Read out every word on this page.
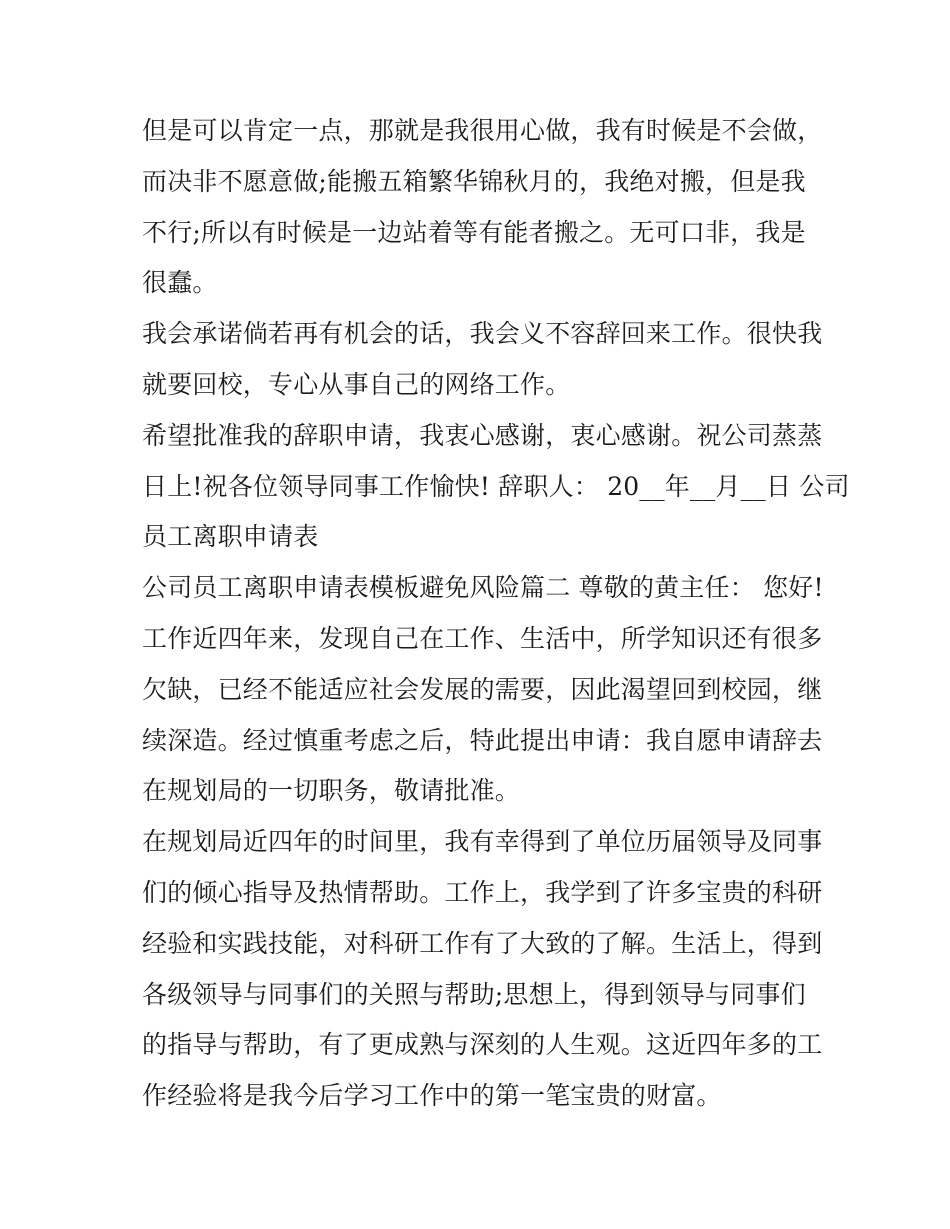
但是可以肯定一点，那就是我很用心做，我有时候是不会做，
而决非不愿意做;能搬五箱繁华锦秋月的，我绝对搬，但是我
不行;所以有时候是一边站着等有能者搬之。无可口非，我是
很蠢。
我会承诺倘若再有机会的话，我会义不容辞回来工作。很快我
就要回校，专心从事自己的网络工作。
希望批准我的辞职申请，我衷心感谢，衷心感谢。祝公司蒸蒸
日上!祝各位领导同事工作愉快! 辞职人： 20__年__月__日 公司
员工离职申请表
公司员工离职申请表模板避免风险篇二 尊敬的黄主任： 您好!
工作近四年来，发现自己在工作、生活中，所学知识还有很多
欠缺，已经不能适应社会发展的需要，因此渴望回到校园，继
续深造。经过慎重考虑之后，特此提出申请：我自愿申请辞去
在规划局的一切职务，敬请批准。
在规划局近四年的时间里，我有幸得到了单位历届领导及同事
们的倾心指导及热情帮助。工作上，我学到了许多宝贵的科研
经验和实践技能，对科研工作有了大致的了解。生活上，得到
各级领导与同事们的关照与帮助;思想上，得到领导与同事们
的指导与帮助，有了更成熟与深刻的人生观。这近四年多的工
作经验将是我今后学习工作中的第一笔宝贵的财富。
